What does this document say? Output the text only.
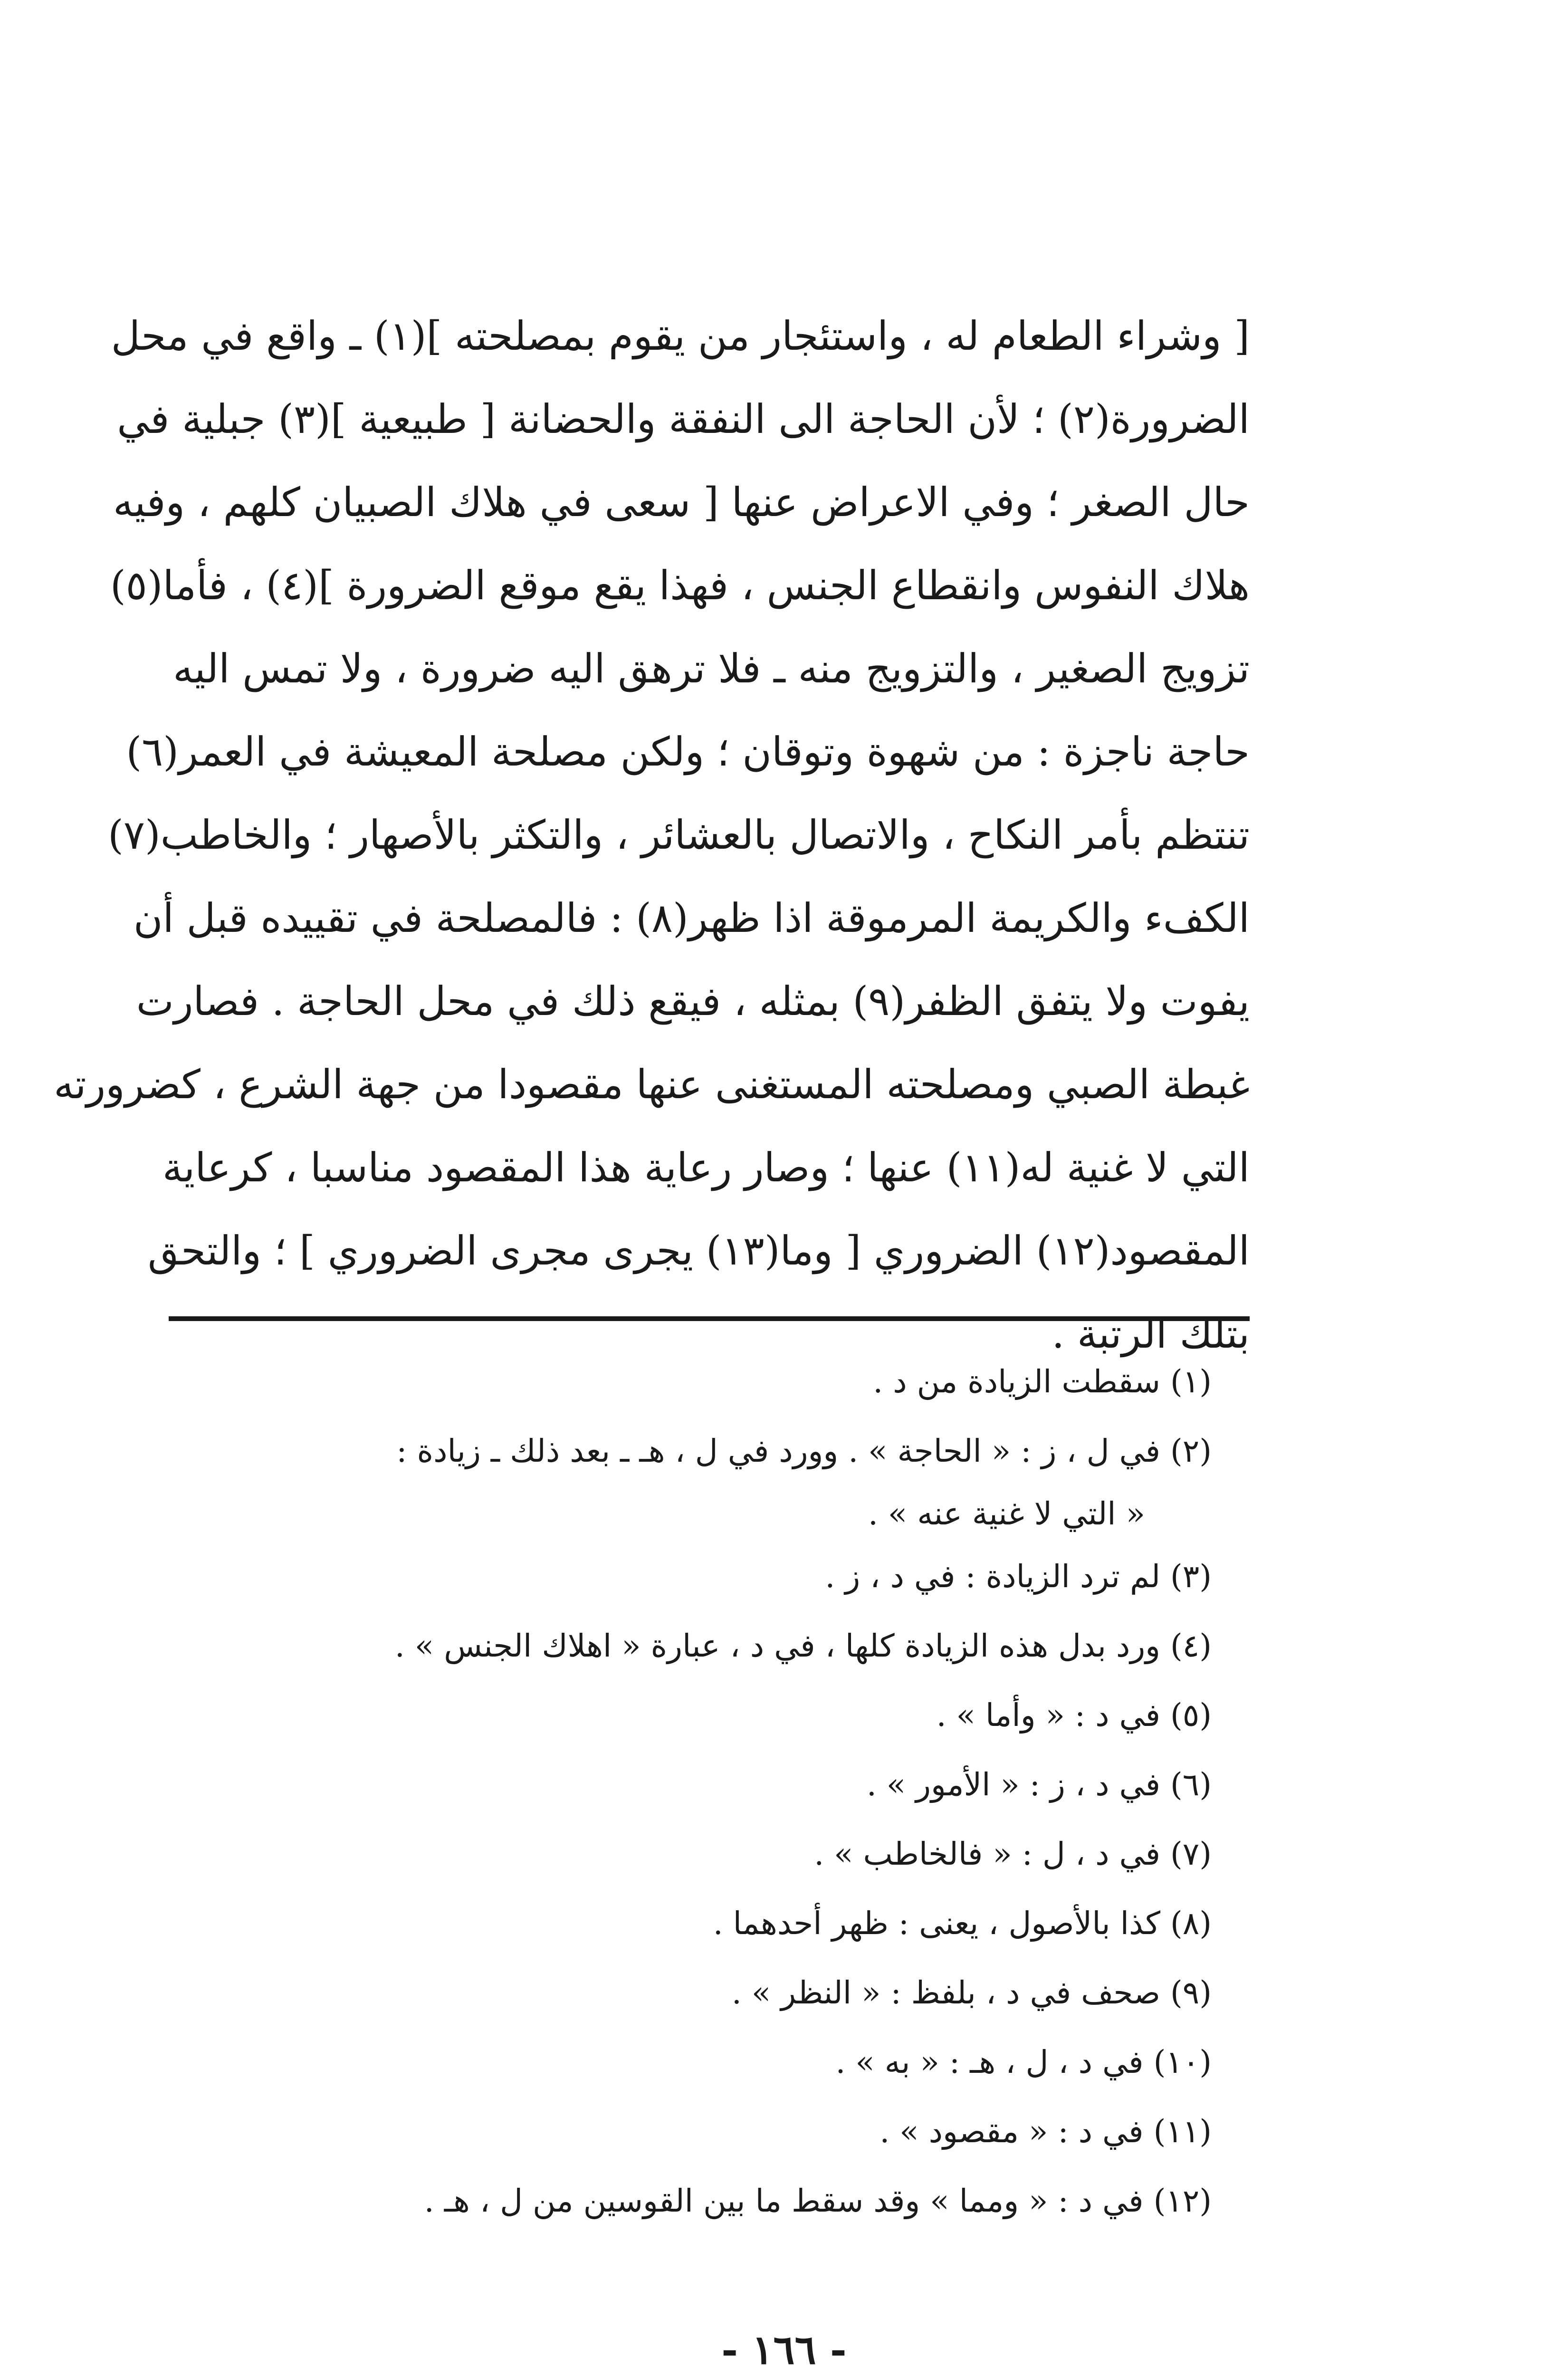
[ وشراء الطعام له ، واستئجار من يقوم بمصلحته ](١) ـ واقع في محل
الضرورة(٢) ؛ لأن الحاجة الى النفقة والحضانة [ طبيعية ](٣) جبلية في
حال الصغر ؛ وفي الاعراض عنها [ سعى في هلاك الصبيان كلهم ، وفيه
هلاك النفوس وانقطاع الجنس ، فهذا يقع موقع الضرورة ](٤) ، فأما(٥)
تزويج الصغير ، والتزويج منه ـ فلا ترهق اليه ضرورة ، ولا تمس اليه
حاجة ناجزة : من شهوة وتوقان ؛ ولكن مصلحة المعيشة في العمر(٦)
تنتظم بأمر النكاح ، والاتصال بالعشائر ، والتكثر بالأصهار ؛ والخاطب(٧)
الكفء والكريمة المرموقة اذا ظهر(٨) : فالمصلحة في تقييده قبل أن
يفوت ولا يتفق الظفر(٩) بمثله ، فيقع ذلك في محل الحاجة . فصارت
غبطة الصبي ومصلحته المستغنى عنها مقصودا من جهة الشرع ، كضرورته
التي لا غنية له(١١) عنها ؛ وصار رعاية هذا المقصود مناسبا ، كرعاية
المقصود(١٢) الضروري [ وما(١٣) يجرى مجرى الضروري ] ؛ والتحق
بتلك الرتبة .
(١) سقطت الزيادة من د .
(٢) في ل ، ز : « الحاجة » . وورد في ل ، هـ ـ بعد ذلك ـ زيادة :
« التي لا غنية عنه » .
(٣) لم ترد الزيادة : في د ، ز .
(٤) ورد بدل هذه الزيادة كلها ، في د ، عبارة « اهلاك الجنس » .
(٥) في د : « وأما » .
(٦) في د ، ز : « الأمور » .
(٧) في د ، ل : « فالخاطب » .
(٨) كذا بالأصول ، يعنى : ظهر أحدهما .
(٩) صحف في د ، بلفظ : « النظر » .
(١٠) في د ، ل ، هـ : « به » .
(١١) في د : « مقصود » .
(١٢) في د : « ومما » وقد سقط ما بين القوسين من ل ، هـ .
- ١٦٦ -
